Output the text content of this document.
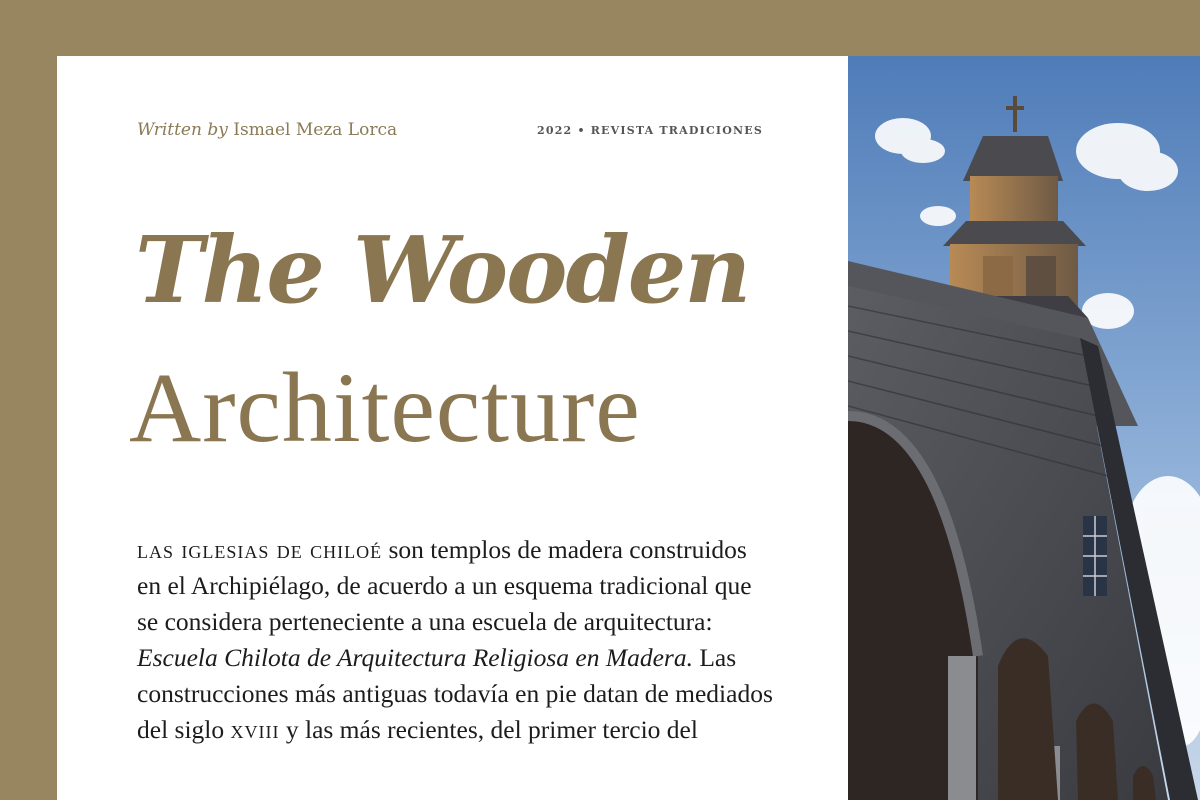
Written by Ismael Meza Lorca	2022 • REVISTA TRADICIONES
The Wooden
Architecture
las iglesias de chiloé son templos de madera construidos en el Archipiélago, de acuerdo a un esquema tradicional que se considera perteneciente a una escuela de arquitectura: Escuela Chilota de Arquitectura Religiosa en Madera. Las construcciones más antiguas todavía en pie datan de mediados del siglo xviii y las más recientes, del primer tercio del
